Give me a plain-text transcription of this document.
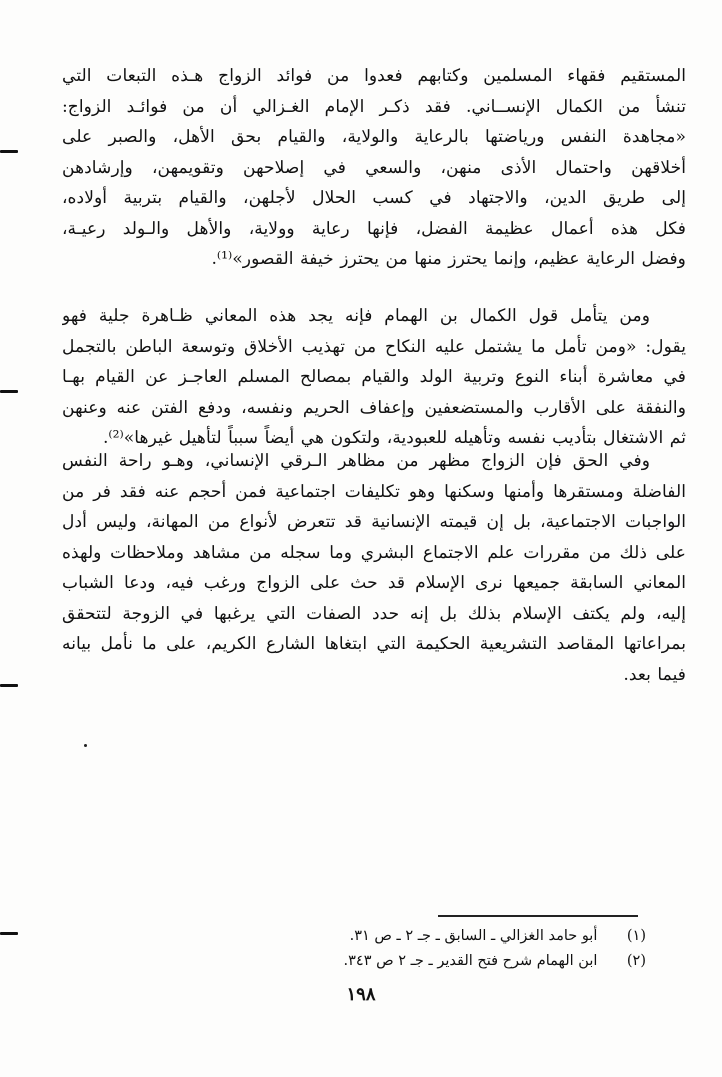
المستقيم فقهاء المسلمين وكتابهم فعدوا من فوائد الزواج هـذه التبعات التي
تنشأ من الكمال الإنســاني. فقد ذكـر الإمام الغـزالي أن من فوائـد الزواج:
«مجاهدة النفس ورياضتها بالرعاية والولاية، والقيام بحق الأهل، والصبر على
أخلاقهن واحتمال الأذى منهن، والسعي في إصلاحهن وتقويمهن، وإرشادهن
إلى طريق الدين، والاجتهاد في كسب الحلال لأجلهن، والقيام بتربية أولاده،
فكل هذه أعمال عظيمة الفضل، فإنها رعاية وولاية، والأهل والـولد رعيـة،
وفضل الرعاية عظيم، وإنما يحترز منها من يحترز خيفة القصور»⁽¹⁾.
ومن يتأمل قول الكمال بن الهمام فإنه يجد هذه المعاني ظـاهرة جلية فهو
يقول: «ومن تأمل ما يشتمل عليه النكاح من تهذيب الأخلاق وتوسعة الباطن بالتجمل
في معاشرة أبناء النوع وتربية الولد والقيام بمصالح المسلم العاجـز عن القيام بهـا
والنفقة على الأقارب والمستضعفين وإعفاف الحريم ونفسه، ودفع الفتن عنه وعنهن
ثم الاشتغال بتأديب نفسه وتأهيله للعبودية، ولتكون هي أيضاً سبباً لتأهيل غيرها»⁽²⁾.
وفي الحق فإن الزواج مظهر من مظاهر الـرقي الإنساني، وهـو راحة النفس
الفاضلة ومستقرها وأمنها وسكنها وهو تكليفات اجتماعية فمن أحجم عنه فقد فر من
الواجبات الاجتماعية، بل إن قيمته الإنسانية قد تتعرض لأنواع من المهانة، وليس أدل
على ذلك من مقررات علم الاجتماع البشري وما سجله من مشاهد وملاحظات ولهذه
المعاني السابقة جميعها نرى الإسلام قد حث على الزواج ورغب فيه، ودعا الشباب
إليه، ولم يكتف الإسلام بذلك بل إنه حدد الصفات التي يرغبها في الزوجة لتتحقق
بمراعاتها المقاصد التشريعية الحكيمة التي ابتغاها الشارع الكريم، على ما نأمل بيانه
فيما بعد.
(١) أبو حامد الغزالي ـ السابق ـ جـ ٢ ـ ص ٣١.
(٢) ابن الهمام شرح فتح القدير ـ جـ ٢ ص ٣٤٣.
١٩٨
